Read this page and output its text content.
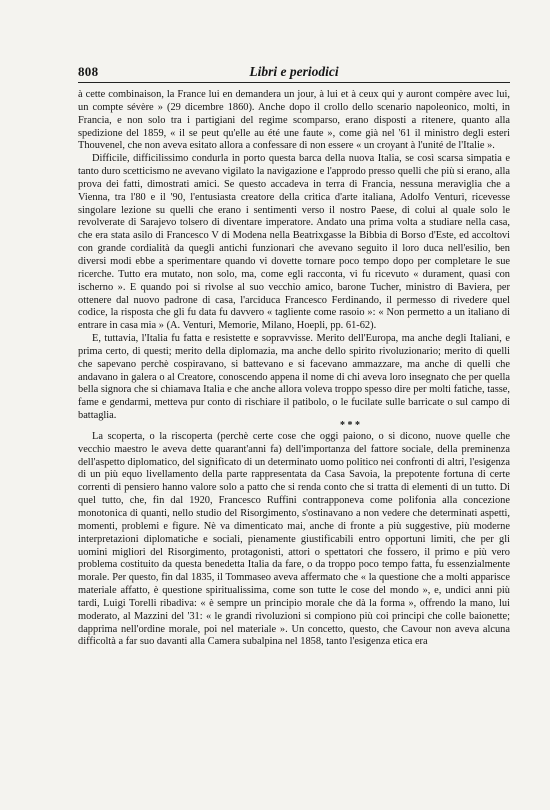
808	Libri e periodici

à cette combinaison, la France lui en demandera un jour, à lui et à ceux qui y auront compère avec lui, un compte sévère » (29 dicembre 1860). Anche dopo il crollo dello scenario napoleonico, molti, in Francia, e non solo tra i partigiani del regime scomparso, erano disposti a ritenere, quanto alla spedizione del 1859, « il se peut qu'elle au été une faute », come già nel '61 il ministro degli esteri Thouvenel, che non aveva esitato allora a confessare di non essere « un croyant à l'unité de l'Italie ».

Difficile, difficilissimo condurla in porto questa barca della nuova Italia, se così scarsa simpatia e tanto duro scetticismo ne avevano vigilato la navigazione e l'approdo presso quelli che più si erano, alla prova dei fatti, dimostrati amici. Se questo accadeva in terra di Francia, nessuna meraviglia che a Vienna, tra l'80 e il '90, l'entusiasta creatore della critica d'arte italiana, Adolfo Venturi, ricevesse singolare lezione su quelli che erano i sentimenti verso il nostro Paese, di colui al quale solo le revolverate di Sarajevo tolsero di diventare imperatore. Andato una prima volta a studiare nella casa, che era stata asilo di Francesco V di Modena nella Beatrixgasse la Bibbia di Borso d'Este, ed accoltovi con grande cordialità da quegli antichi funzionari che avevano seguito il loro duca nell'esilio, ben diversi modi ebbe a sperimentare quando vi dovette tornare poco tempo dopo per completare le sue ricerche. Tutto era mutato, non solo, ma, come egli racconta, vi fu ricevuto « durament, quasi con ischerno ». E quando poi si rivolse al suo vecchio amico, barone Tucher, ministro di Baviera, per ottenere dal nuovo padrone di casa, l'arciduca Francesco Ferdinando, il permesso di rivedere quel codice, la risposta che gli fu data fu davvero « tagliente come rasoio »: « Non permetto a un italiano di entrare in casa mia » (A. Venturi, Memorie, Milano, Hoepli, pp. 61-62).

E, tuttavia, l'Italia fu fatta e resistette e sopravvisse. Merito dell'Europa, ma anche degli Italiani, e prima certo, di questi; merito della diplomazia, ma anche dello spirito rivoluzionario; merito di quelli che sapevano perchè cospiravano, si battevano e si facevano ammazzare, ma anche di quelli che andavano in galera o al Creatore, conoscendo appena il nome di chi aveva loro insegnato che per quella bella signora che si chiamava Italia e che anche allora voleva troppo spesso dire per molti fatiche, tasse, fame e gendarmi, metteva pur conto di rischiare il patibolo, o le fucilate sulle barricate o sul campo di battaglia.

* * *

La scoperta, o la riscoperta (perchè certe cose che oggi paiono, o si dicono, nuove quelle che vecchio maestro le aveva dette quarant'anni fa) dell'importanza del fattore sociale, della preminenza dell'aspetto diplomatico, del significato di un determinato uomo politico nei confronti di altri, l'esigenza di un più equo livellamento della parte rappresentata da Casa Savoia, la prepotente fortuna di certe correnti di pensiero hanno valore solo a patto che si renda conto che si tratta di elementi di un tutto. Di quel tutto, che, fin dal 1920, Francesco Ruffini contrapponeva come polifonia alla concezione monotonica di quanti, nello studio del Risorgimento, s'ostinavano a non vedere che determinati aspetti, momenti, problemi e figure. Nè va dimenticato mai, anche di fronte a più suggestive, più moderne interpretazioni diplomatiche e sociali, pienamente giustificabili entro opportuni limiti, che per gli uomini migliori del Risorgimento, protagonisti, attori o spettatori che fossero, il primo e più vero problema costituito da questa benedetta Italia da fare, o da troppo poco tempo fatta, fu essenzialmente morale. Per questo, fin dal 1835, il Tommaseo aveva affermato che « la questione che a molti apparisce materiale affatto, è questione spiritualissima, come son tutte le cose del mondo », e, undici anni più tardi, Luigi Torelli ribadiva: « è sempre un principio morale che dà la forma », offrendo la mano, lui moderato, al Mazzini del '31: « le grandi rivoluzioni si compiono più coi principi che colle baionette; dapprima nell'ordine morale, poi nel materiale ». Un concetto, questo, che Cavour non aveva alcuna difficoltà a far suo davanti alla Camera subalpina nel 1858, tanto l'esigenza etica era
